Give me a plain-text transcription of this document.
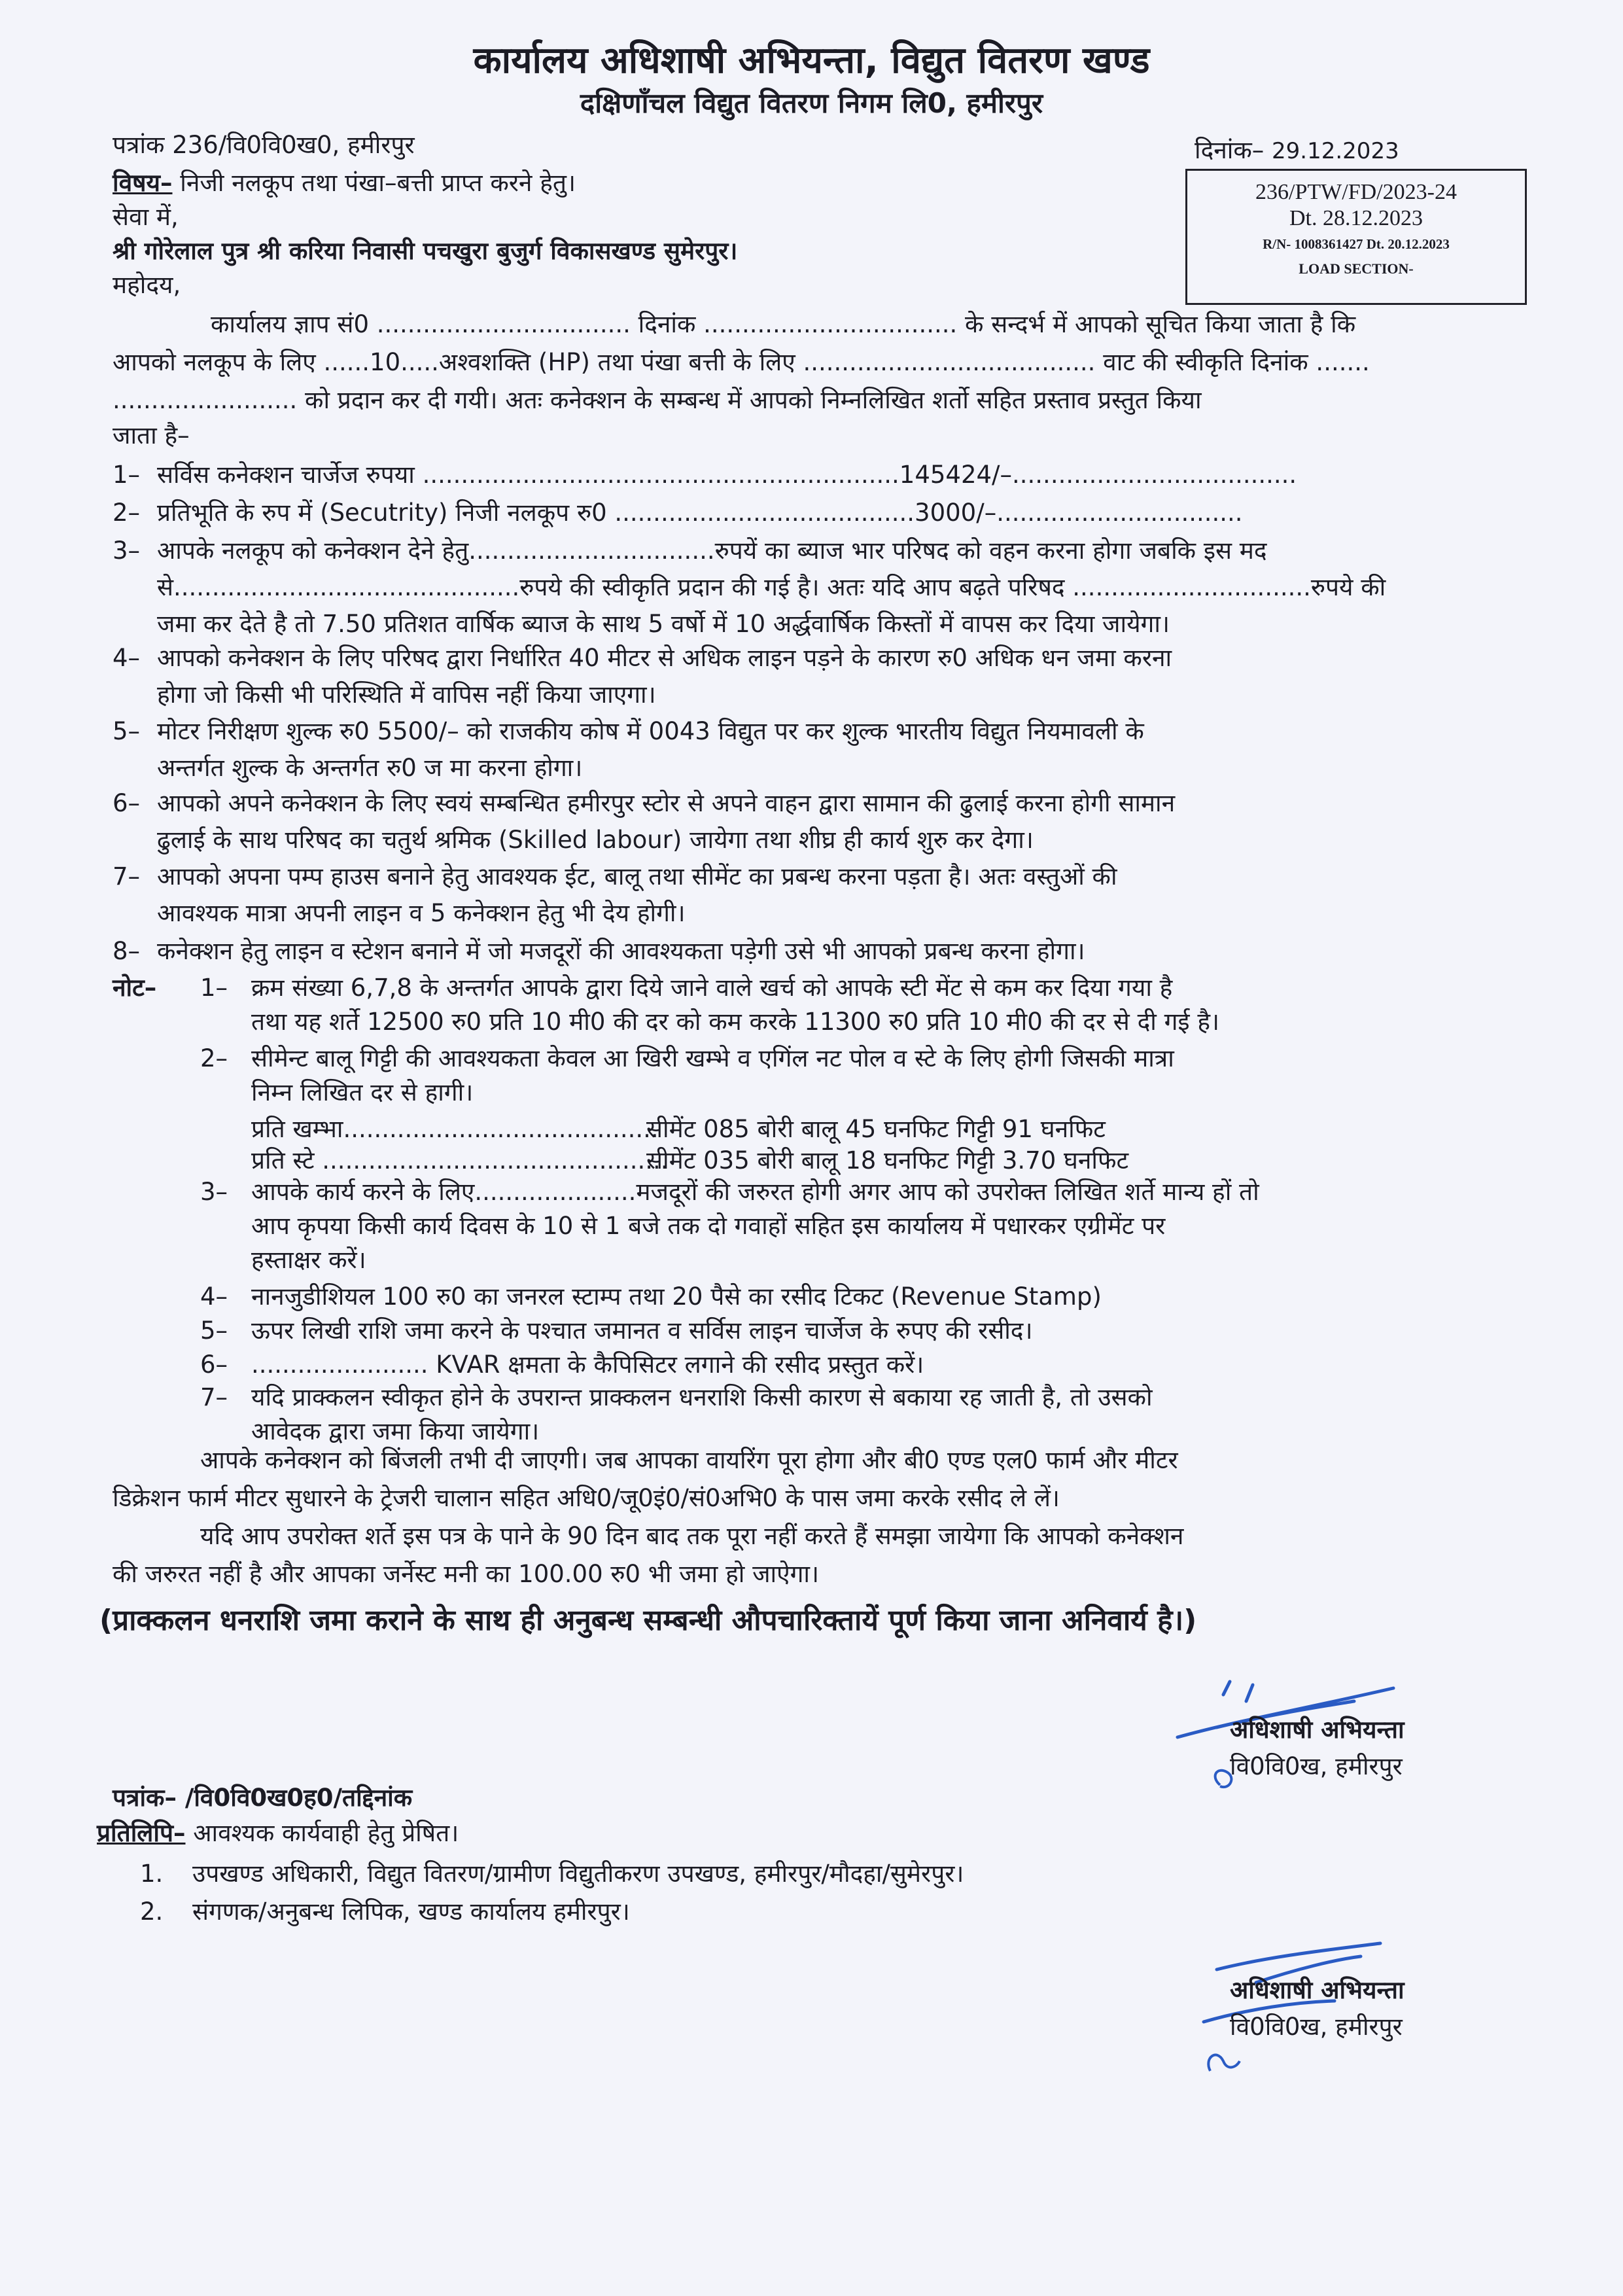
कार्यालय अधिशाषी अभियन्ता, विद्युत वितरण खण्ड
दक्षिणाँचल विद्युत वितरण निगम लि0, हमीरपुर
पत्रांक 236/वि0वि0ख0, हमीरपुर	दिनांक– 29.12.2023
236/PTW/FD/2023-24
Dt. 28.12.2023
R/N- 1008361427 Dt. 20.12.2023
LOAD SECTION-
विषय– निजी नलकूप तथा पंखा–बत्ती प्राप्त करने हेतु।
सेवा में,
श्री गोरेलाल पुत्र श्री करिया निवासी पचखुरा बुजुर्ग विकासखण्ड सुमेरपुर।
महोदय,
कार्यालय ज्ञाप सं0 ................................. दिनांक ................................. के सन्दर्भ में आपको सूचित किया जाता है कि
आपको नलकूप के लिए ......10.....अश्वशक्ति (HP) तथा पंखा बत्ती के लिए ...................................... वाट की स्वीकृति दिनांक .......
........................ को प्रदान कर दी गयी। अतः कनेक्शन के सम्बन्ध में आपको निम्नलिखित शर्तो सहित प्रस्ताव प्रस्तुत किया
जाता है–
1– सर्विस कनेक्शन चार्जेज रुपया ..............................................................145424/–.....................................
2– प्रतिभूति के रुप में (Secutrity) निजी नलकूप रु0 .......................................3000/–................................
3– आपके नलकूप को कनेक्शन देने हेतु................................रुपयें का ब्याज भार परिषद को वहन करना होगा जबकि इस मद
से.............................................रुपये की स्वीकृति प्रदान की गई है। अतः यदि आप बढ़ते परिषद ...............................रुपये की
जमा कर देते है तो 7.50 प्रतिशत वार्षिक ब्याज के साथ 5 वर्षो में 10 अर्द्धवार्षिक किस्तों में वापस कर दिया जायेगा।
4– आपको कनेक्शन के लिए परिषद द्वारा निर्धारित 40 मीटर से अधिक लाइन पड़ने के कारण रु0 अधिक धन जमा करना
होगा जो किसी भी परिस्थिति में वापिस नहीं किया जाएगा।
5– मोटर निरीक्षण शुल्क रु0 5500/– को राजकीय कोष में 0043 विद्युत पर कर शुल्क भारतीय विद्युत नियमावली के
अन्तर्गत शुल्क के अन्तर्गत रु0 ज मा करना होगा।
6– आपको अपने कनेक्शन के लिए स्वयं सम्बन्धित हमीरपुर स्टोर से अपने वाहन द्वारा सामान की ढुलाई करना होगी सामान
ढुलाई के साथ परिषद का चतुर्थ श्रमिक (Skilled labour) जायेगा तथा शीघ्र ही कार्य शुरु कर देगा।
7– आपको अपना पम्प हाउस बनाने हेतु आवश्यक ईट, बालू तथा सीमेंट का प्रबन्ध करना पड़ता है। अतः वस्तुओं की
आवश्यक मात्रा अपनी लाइन व 5 कनेक्शन हेतु भी देय होगी।
8– कनेक्शन हेतु लाइन व स्टेशन बनाने में जो मजदूरों की आवश्यकता पड़ेगी उसे भी आपको प्रबन्ध करना होगा।
नोट– 1– क्रम संख्या 6,7,8 के अन्तर्गत आपके द्वारा दिये जाने वाले खर्च को आपके स्टी मेंट से कम कर दिया गया है
तथा यह शर्ते 12500 रु0 प्रति 10 मी0 की दर को कम करके 11300 रु0 प्रति 10 मी0 की दर से दी गई है।
2– सीमेन्ट बालू गिट्टी की आवश्यकता केवल आ खिरी खम्भे व एगिंल नट पोल व स्टे के लिए होगी जिसकी मात्रा
निम्न लिखित दर से हागी।
3– आपके कार्य करने के लिए.....................मजदूरों की जरुरत होगी अगर आप को उपरोक्त लिखित शर्ते मान्य हों तो
आप कृपया किसी कार्य दिवस के 10 से 1 बजे तक दो गवाहों सहित इस कार्यालय में पधारकर एग्रीमेंट पर
हस्ताक्षर करें।
4– नानजुडीशियल 100 रु0 का जनरल स्टाम्प तथा 20 पैसे का रसीद टिकट (Revenue Stamp)
5– ऊपर लिखी राशि जमा करने के पश्चात जमानत व सर्विस लाइन चार्जेज के रुपए की रसीद।
6– ....................... KVAR क्षमता के कैपिसिटर लगाने की रसीद प्रस्तुत करें।
7– यदि प्राक्कलन स्वीकृत होने के उपरान्त प्राक्कलन धनराशि किसी कारण से बकाया रह जाती है, तो उसको
आवेदक द्वारा जमा किया जायेगा।
प्रति खम्भा.........................................
सीमेंट 085 बोरी बालू 45 घनफिट गिट्टी 91 घनफिट
प्रति स्टे .............................................
सीमेंट 035 बोरी बालू 18 घनफिट गिट्टी 3.70 घनफिट
आपके कनेक्शन को बिंजली तभी दी जाएगी। जब आपका वायरिंग पूरा होगा और बी0 एण्ड एल0 फार्म और मीटर
डिक्रेशन फार्म मीटर सुधारने के ट्रेजरी चालान सहित अधि0/जू0इं0/सं0अभि0 के पास जमा करके रसीद ले लें।
यदि आप उपरोक्त शर्ते इस पत्र के पाने के 90 दिन बाद तक पूरा नहीं करते हैं समझा जायेगा कि आपको कनेक्शन
की जरुरत नहीं है और आपका जर्नेस्ट मनी का 100.00 रु0 भी जमा हो जाऐगा।
(प्राक्कलन धनराशि जमा कराने के साथ ही अनुबन्ध सम्बन्धी औपचारिक्तायें पूर्ण किया जाना अनिवार्य है।)
अधिशाषी अभियन्ता
वि0वि0ख, हमीरपुर
पत्रांक– /वि0वि0ख0ह0/तद्दिनांक
प्रतिलिपि– आवश्यक कार्यवाही हेतु प्रेषित।
1. उपखण्ड अधिकारी, विद्युत वितरण/ग्रामीण विद्युतीकरण उपखण्ड, हमीरपुर/मौदहा/सुमेरपुर।
2. संगणक/अनुबन्ध लिपिक, खण्ड कार्यालय हमीरपुर।
अधिशाषी अभियन्ता
वि0वि0ख, हमीरपुर
